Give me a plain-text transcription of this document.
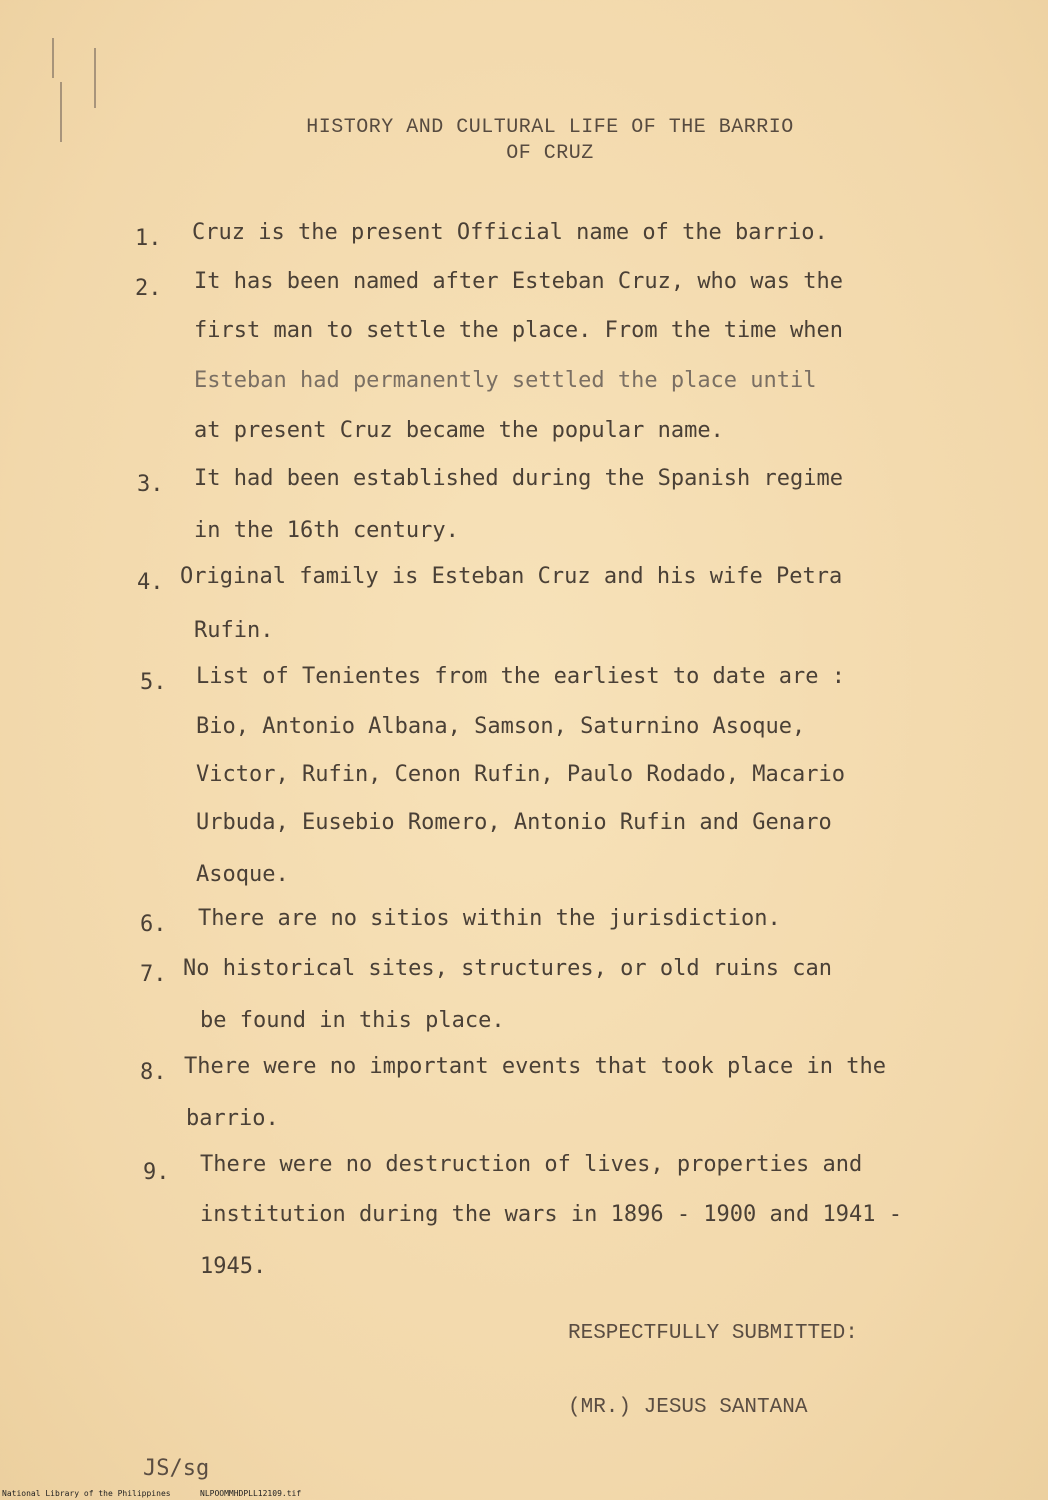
HISTORY AND CULTURAL LIFE OF THE BARRIO

OF CRUZ

1. Cruz is the present Official name of the barrio.

2. It has been named after Esteban Cruz, who was the

first man to settle the place. From the time when

Esteban had permanently settled the place until

at present Cruz became the popular name.

3. It had been established during the Spanish regime

in the 16th century.

4. Original family is Esteban Cruz and his wife Petra

Rufin.

5. List of Tenientes from the earliest to date are :

Bio, Antonio Albana, Samson, Saturnino Asoque,

Victor, Rufin, Cenon Rufin, Paulo Rodado, Macario

Urbuda, Eusebio Romero, Antonio Rufin and Genaro

Asoque.

6. There are no sitios within the jurisdiction.

7. No historical sites, structures, or old ruins can

be found in this place.

8. There were no important events that took place in the

barrio.

9. There were no destruction of lives, properties and

institution during the wars in 1896 - 1900 and 1941 -

1945.

RESPECTFULLY SUBMITTED:

(MR.) JESUS SANTANA

JS/sg

National Library of the Philippines	NLPOOMMHDPLL12109.tif
